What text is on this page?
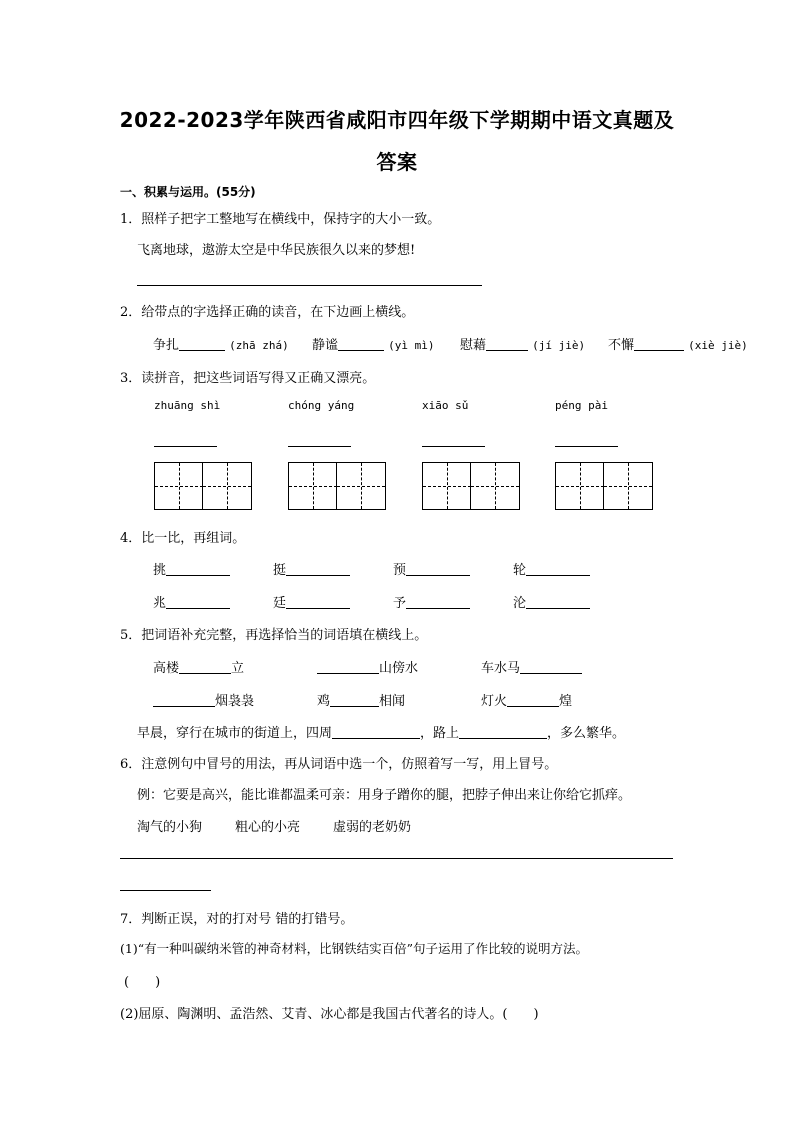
2022-2023学年陕西省咸阳市四年级下学期期中语文真题及
答案
一、积累与运用。(55分)
1．照样子把字工整地写在横线中，保持字的大小一致。
飞离地球，遨游太空是中华民族很久以来的梦想!
2．给带点的字选择正确的读音，在下边画上横线。
争扎	(zhā zhá) 静谧	(yì mì) 慰藉	(jí jiè) 不懈	(xiè jiè)
3．读拼音，把这些词语写得又正确又漂亮。
zhuāng shì	chóng yáng	xiāo sǔ	péng pài
4．比一比，再组词。
挑	挺	预	轮
兆	廷	予	沦
5．把词语补充完整，再选择恰当的词语填在横线上。
高楼	立	山傍水	车水马
烟袅袅	鸡	相闻	灯火	煌
早晨，穿行在城市的街道上，四周	，路上	，多么繁华。
6．注意例句中冒号的用法，再从词语中选一个，仿照着写一写，用上冒号。
例：它要是高兴，能比谁都温柔可亲：用身子蹭你的腿，把脖子伸出来让你给它抓痒。
淘气的小狗	粗心的小亮	虚弱的老奶奶
7．判断正误，对的打对号 错的打错号。
(1)“有一种叫碳纳米管的神奇材料，比钢铁结实百倍”句子运用了作比较的说明方法。
(　　)
(2)屈原、陶渊明、孟浩然、艾青、冰心都是我国古代著名的诗人。(　　)
